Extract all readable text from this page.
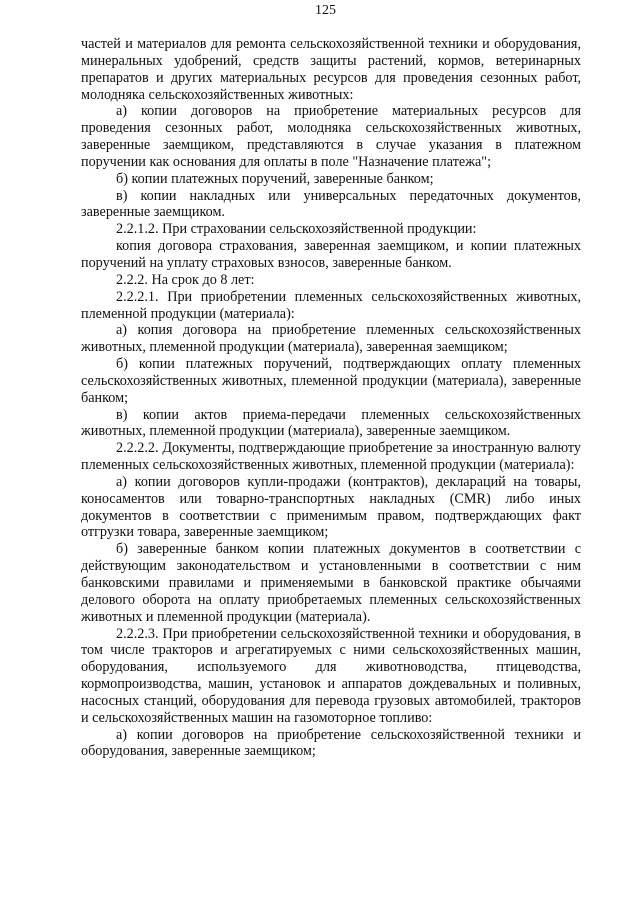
125

частей и материалов для ремонта сельскохозяйственной техники и оборудования, минеральных удобрений, средств защиты растений, кормов, ветеринарных препаратов и других материальных ресурсов для проведения сезонных работ, молодняка сельскохозяйственных животных:

а) копии договоров на приобретение материальных ресурсов для проведения сезонных работ, молодняка сельскохозяйственных животных, заверенные заемщиком, представляются в случае указания в платежном поручении как основания для оплаты в поле "Назначение платежа";

б) копии платежных поручений, заверенные банком;

в) копии накладных или универсальных передаточных документов, заверенные заемщиком.

2.2.1.2. При страховании сельскохозяйственной продукции:

копия договора страхования, заверенная заемщиком, и копии платежных поручений на уплату страховых взносов, заверенные банком.

2.2.2. На срок до 8 лет:

2.2.2.1. При приобретении племенных сельскохозяйственных животных, племенной продукции (материала):

а) копия договора на приобретение племенных сельскохозяйственных животных, племенной продукции (материала), заверенная заемщиком;

б) копии платежных поручений, подтверждающих оплату племенных сельскохозяйственных животных, племенной продукции (материала), заверенные банком;

в) копии актов приема-передачи племенных сельскохозяйственных животных, племенной продукции (материала), заверенные заемщиком.

2.2.2.2. Документы, подтверждающие приобретение за иностранную валюту племенных сельскохозяйственных животных, племенной продукции (материала):

а) копии договоров купли-продажи (контрактов), деклараций на товары, коносаментов или товарно-транспортных накладных (CMR) либо иных документов в соответствии с применимым правом, подтверждающих факт отгрузки товара, заверенные заемщиком;

б) заверенные банком копии платежных документов в соответствии с действующим законодательством и установленными в соответствии с ним банковскими правилами и применяемыми в банковской практике обычаями делового оборота на оплату приобретаемых племенных сельскохозяйственных животных и племенной продукции (материала).

2.2.2.3. При приобретении сельскохозяйственной техники и оборудования, в том числе тракторов и агрегатируемых с ними сельскохозяйственных машин, оборудования, используемого для животноводства, птицеводства, кормопроизводства, машин, установок и аппаратов дождевальных и поливных, насосных станций, оборудования для перевода грузовых автомобилей, тракторов и сельскохозяйственных машин на газомоторное топливо:

а) копии договоров на приобретение сельскохозяйственной техники и оборудования, заверенные заемщиком;
